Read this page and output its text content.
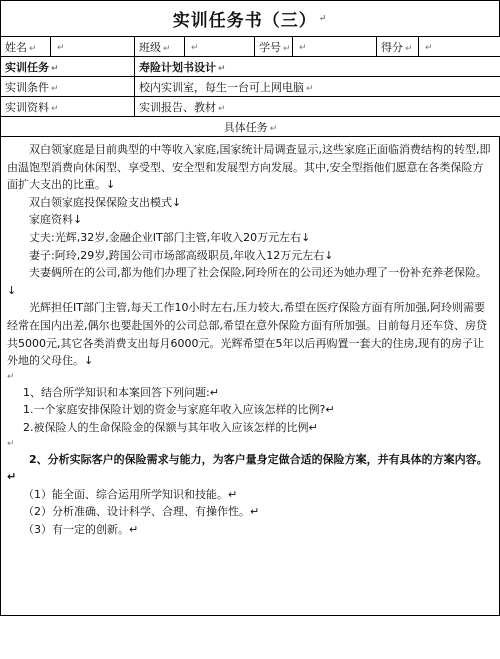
实训任务书（三） ↵
姓名 ↵	↵	班级 ↵	↵	学号 ↵	↵	得分 ↵	↵
实训任务 ↵		寿险计划书设计 ↵					
实训条件 ↵		校内实训室，每生一台可上网电脑 ↵					
实训资料 ↵		实训报告、教材 ↵					
具体任务 ↵							

双白领家庭是目前典型的中等收入家庭,国家统计局调查显示,这些家庭正面临消费结构的转型,即由温饱型消费向休闲型、享受型、安全型和发展型方向发展。其中,安全型指他们愿意在各类保险方面扩大支出的比重。↓

双白领家庭投保保险支出模式↓

家庭资料↓

丈夫:光辉,32岁,金融企业IT部门主管,年收入20万元左右↓

妻子:阿玲,29岁,跨国公司市场部高级职员,年收入12万元左右↓

夫妻俩所在的公司,都为他们办理了社会保险,阿玲所在的公司还为她办理了一份补充养老保险。↓

光辉担任IT部门主管,每天工作10小时左右,压力较大,希望在医疗保险方面有所加强,阿玲则需要经常在国内出差,偶尔也要赴国外的公司总部,希望在意外保险方面有所加强。目前每月还车贷、房贷共5000元,其它各类消费支出每月6000元。光辉希望在5年以后再购置一套大的住房,现有的房子让外地的父母住。↓

↵

1、结合所学知识和本案回答下列问题:↵

1.一个家庭安排保险计划的资金与家庭年收入应该怎样的比例?↵

2.被保险人的生命保险金的保额与其年收入应该怎样的比例↵

↵

2、分析实际客户的保险需求与能力，为客户量身定做合适的保险方案，并有具体的方案内容。↵

（1）能全面、综合运用所学知识和技能。↵

（2）分析准确、设计科学、合理、有操作性。↵

（3）有一定的创新。↵
